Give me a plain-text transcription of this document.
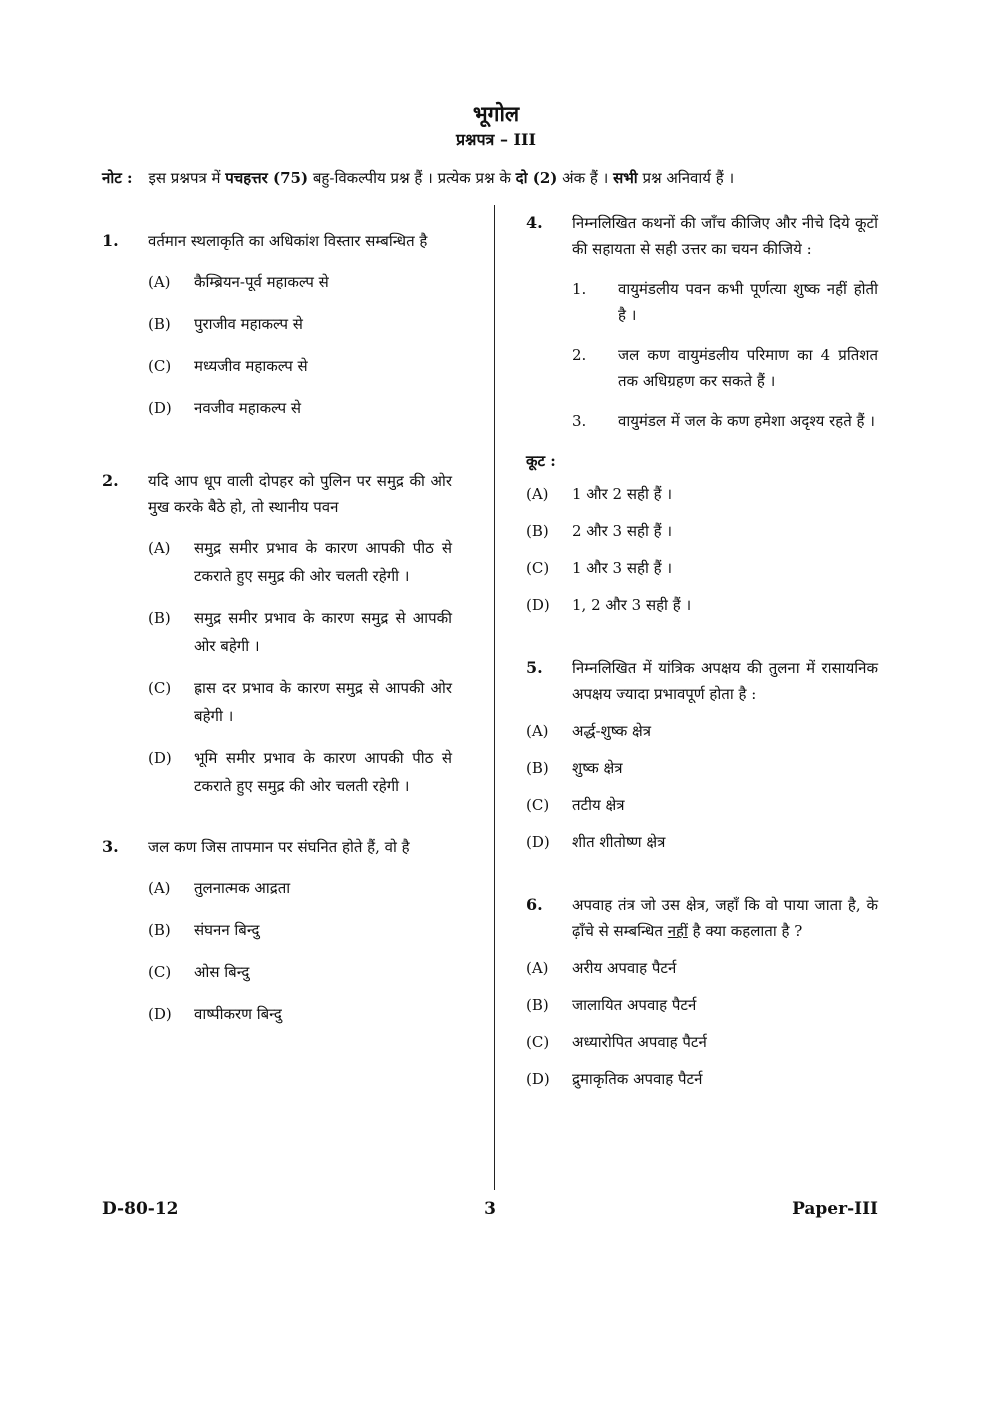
भूगोल
प्रश्नपत्र – III
नोट : इस प्रश्नपत्र में पचहत्तर (75) बहु-विकल्पीय प्रश्न हैं । प्रत्येक प्रश्न के दो (2) अंक हैं । सभी प्रश्न अनिवार्य हैं ।
1. वर्तमान स्थलाकृति का अधिकांश विस्तार सम्बन्धित है
(A) कैम्ब्रियन-पूर्व महाकल्प से
(B) पुराजीव महाकल्प से
(C) मध्यजीव महाकल्प से
(D) नवजीव महाकल्प से
2. यदि आप धूप वाली दोपहर को पुलिन पर समुद्र की ओर मुख करके बैठे हो, तो स्थानीय पवन
(A) समुद्र समीर प्रभाव के कारण आपकी पीठ से टकराते हुए समुद्र की ओर चलती रहेगी ।
(B) समुद्र समीर प्रभाव के कारण समुद्र से आपकी ओर बहेगी ।
(C) ह्रास दर प्रभाव के कारण समुद्र से आपकी ओर बहेगी ।
(D) भूमि समीर प्रभाव के कारण आपकी पीठ से टकराते हुए समुद्र की ओर चलती रहेगी ।
3. जल कण जिस तापमान पर संघनित होते हैं, वो है
(A) तुलनात्मक आद्रता
(B) संघनन बिन्दु
(C) ओस बिन्दु
(D) वाष्पीकरण बिन्दु
4. निम्नलिखित कथनों की जाँच कीजिए और नीचे दिये कूटों की सहायता से सही उत्तर का चयन कीजिये :
1. वायुमंडलीय पवन कभी पूर्णत्या शुष्क नहीं होती है ।
2. जल कण वायुमंडलीय परिमाण का 4 प्रतिशत तक अधिग्रहण कर सकते हैं ।
3. वायुमंडल में जल के कण हमेशा अदृश्य रहते हैं ।
कूट :
(A) 1 और 2 सही हैं ।
(B) 2 और 3 सही हैं ।
(C) 1 और 3 सही हैं ।
(D) 1, 2 और 3 सही हैं ।
5. निम्नलिखित में यांत्रिक अपक्षय की तुलना में रासायनिक अपक्षय ज्यादा प्रभावपूर्ण होता है :
(A) अर्द्ध-शुष्क क्षेत्र
(B) शुष्क क्षेत्र
(C) तटीय क्षेत्र
(D) शीत शीतोष्ण क्षेत्र
6. अपवाह तंत्र जो उस क्षेत्र, जहाँ कि वो पाया जाता है, के ढ़ाँचे से सम्बन्धित नहीं है क्या कहलाता है ?
(A) अरीय अपवाह पैटर्न
(B) जालायित अपवाह पैटर्न
(C) अध्यारोपित अपवाह पैटर्न
(D) द्रुमाकृतिक अपवाह पैटर्न
D-80-12	3	Paper-III
